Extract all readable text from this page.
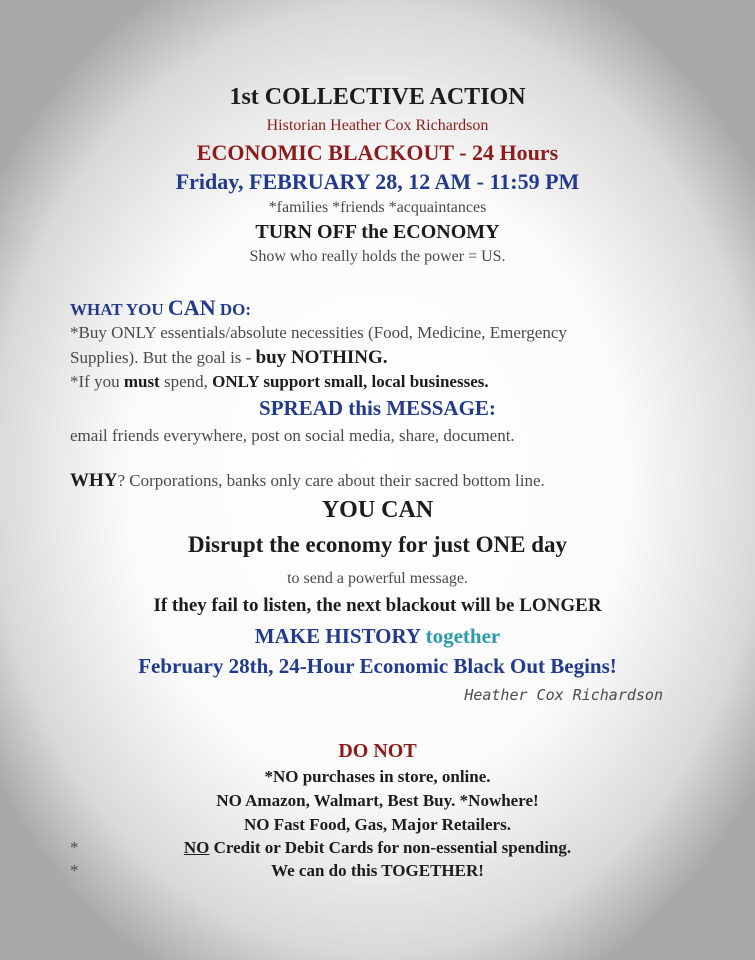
1st COLLECTIVE ACTION
Historian Heather Cox Richardson
ECONOMIC BLACKOUT - 24 Hours
Friday, FEBRUARY 28, 12 AM - 11:59 PM
*families *friends *acquaintances
TURN OFF the ECONOMY
Show who really holds the power = US.
WHAT YOU CAN DO:
*Buy ONLY essentials/absolute necessities (Food, Medicine, Emergency
Supplies). But the goal is - buy NOTHING.
*If you must spend, ONLY support small, local businesses.
SPREAD this MESSAGE:
email friends everywhere, post on social media, share, document.
WHY? Corporations, banks only care about their sacred bottom line.
YOU CAN
Disrupt the economy for just ONE day
to send a powerful message.
If they fail to listen, the next blackout will be LONGER
MAKE HISTORY together
February 28th, 24-Hour Economic Black Out Begins!
Heather Cox Richardson
DO NOT
*NO purchases in store, online.
NO Amazon, Walmart, Best Buy. *Nowhere!
NO Fast Food, Gas, Major Retailers.
NO Credit or Debit Cards for non-essential spending.
We can do this TOGETHER!
*
*
